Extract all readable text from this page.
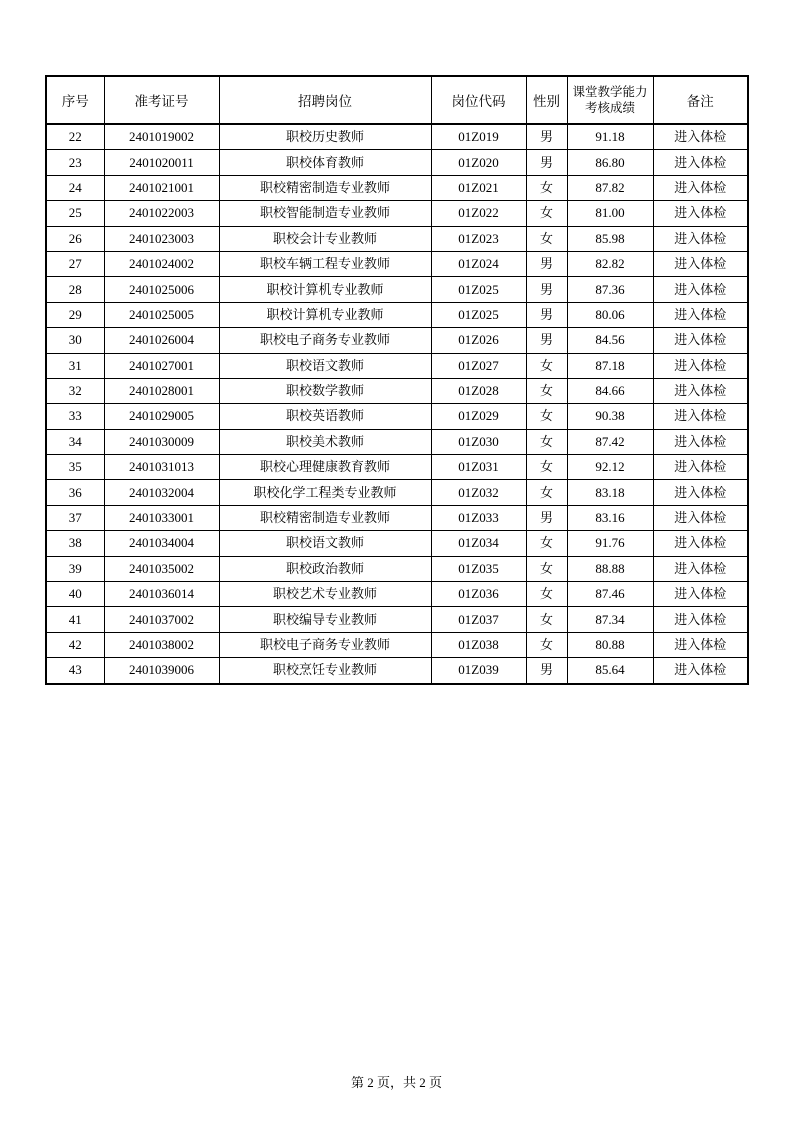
序号	准考证号	招聘岗位	岗位代码	性别	课堂教学能力考核成绩	备注
22	2401019002	职校历史教师	01Z019	男	91.18	进入体检
23	2401020011	职校体育教师	01Z020	男	86.80	进入体检
24	2401021001	职校精密制造专业教师	01Z021	女	87.82	进入体检
25	2401022003	职校智能制造专业教师	01Z022	女	81.00	进入体检
26	2401023003	职校会计专业教师	01Z023	女	85.98	进入体检
27	2401024002	职校车辆工程专业教师	01Z024	男	82.82	进入体检
28	2401025006	职校计算机专业教师	01Z025	男	87.36	进入体检
29	2401025005	职校计算机专业教师	01Z025	男	80.06	进入体检
30	2401026004	职校电子商务专业教师	01Z026	男	84.56	进入体检
31	2401027001	职校语文教师	01Z027	女	87.18	进入体检
32	2401028001	职校数学教师	01Z028	女	84.66	进入体检
33	2401029005	职校英语教师	01Z029	女	90.38	进入体检
34	2401030009	职校美术教师	01Z030	女	87.42	进入体检
35	2401031013	职校心理健康教育教师	01Z031	女	92.12	进入体检
36	2401032004	职校化学工程类专业教师	01Z032	女	83.18	进入体检
37	2401033001	职校精密制造专业教师	01Z033	男	83.16	进入体检
38	2401034004	职校语文教师	01Z034	女	91.76	进入体检
39	2401035002	职校政治教师	01Z035	女	88.88	进入体检
40	2401036014	职校艺术专业教师	01Z036	女	87.46	进入体检
41	2401037002	职校编导专业教师	01Z037	女	87.34	进入体检
42	2401038002	职校电子商务专业教师	01Z038	女	80.88	进入体检
43	2401039006	职校烹饪专业教师	01Z039	男	85.64	进入体检
第 2 页，共 2 页
